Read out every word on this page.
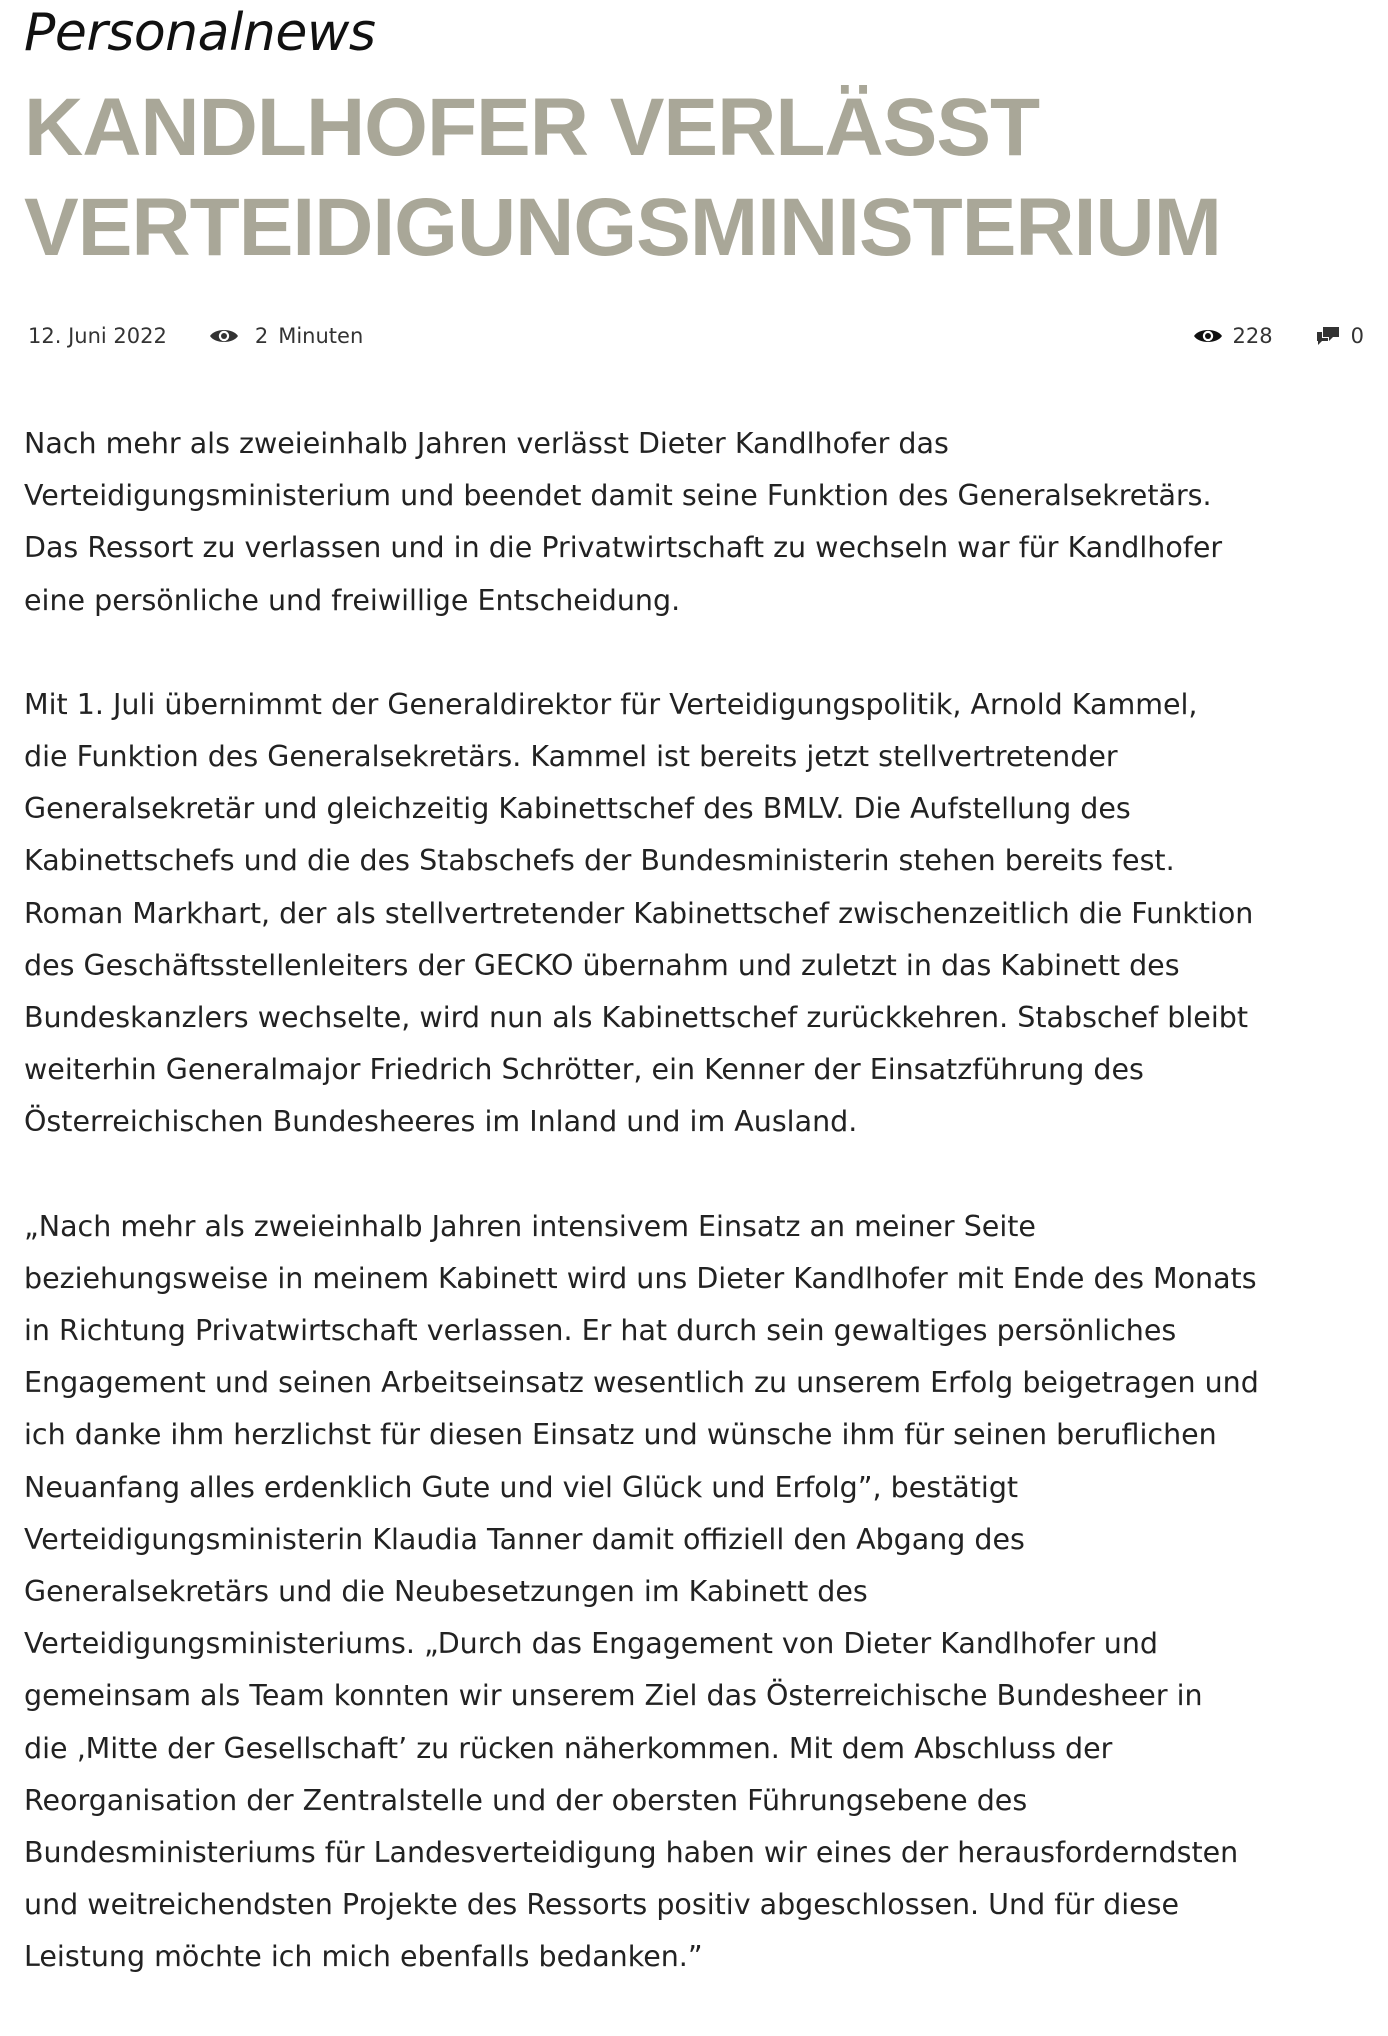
Personalnews
KANDLHOFER VERLÄSST
VERTEIDIGUNGSMINISTERIUM
12. Juni 2022	2 Minuten	228	0

Nach mehr als zweieinhalb Jahren verlässt Dieter Kandlhofer das
Verteidigungsministerium und beendet damit seine Funktion des Generalsekretärs.
Das Ressort zu verlassen und in die Privatwirtschaft zu wechseln war für Kandlhofer
eine persönliche und freiwillige Entscheidung.

Mit 1. Juli übernimmt der Generaldirektor für Verteidigungspolitik, Arnold Kammel,
die Funktion des Generalsekretärs. Kammel ist bereits jetzt stellvertretender
Generalsekretär und gleichzeitig Kabinettschef des BMLV. Die Aufstellung des
Kabinettschefs und die des Stabschefs der Bundesministerin stehen bereits fest.
Roman Markhart, der als stellvertretender Kabinettschef zwischenzeitlich die Funktion
des Geschäftsstellenleiters der GECKO übernahm und zuletzt in das Kabinett des
Bundeskanzlers wechselte, wird nun als Kabinettschef zurückkehren. Stabschef bleibt
weiterhin Generalmajor Friedrich Schrötter, ein Kenner der Einsatzführung des
Österreichischen Bundesheeres im Inland und im Ausland.

„Nach mehr als zweieinhalb Jahren intensivem Einsatz an meiner Seite
beziehungsweise in meinem Kabinett wird uns Dieter Kandlhofer mit Ende des Monats
in Richtung Privatwirtschaft verlassen. Er hat durch sein gewaltiges persönliches
Engagement und seinen Arbeitseinsatz wesentlich zu unserem Erfolg beigetragen und
ich danke ihm herzlichst für diesen Einsatz und wünsche ihm für seinen beruflichen
Neuanfang alles erdenklich Gute und viel Glück und Erfolg”, bestätigt
Verteidigungsministerin Klaudia Tanner damit offiziell den Abgang des
Generalsekretärs und die Neubesetzungen im Kabinett des
Verteidigungsministeriums. „Durch das Engagement von Dieter Kandlhofer und
gemeinsam als Team konnten wir unserem Ziel das Österreichische Bundesheer in
die ‚Mitte der Gesellschaft’ zu rücken näherkommen. Mit dem Abschluss der
Reorganisation der Zentralstelle und der obersten Führungsebene des
Bundesministeriums für Landesverteidigung haben wir eines der herausforderndsten
und weitreichendsten Projekte des Ressorts positiv abgeschlossen. Und für diese
Leistung möchte ich mich ebenfalls bedanken.”
